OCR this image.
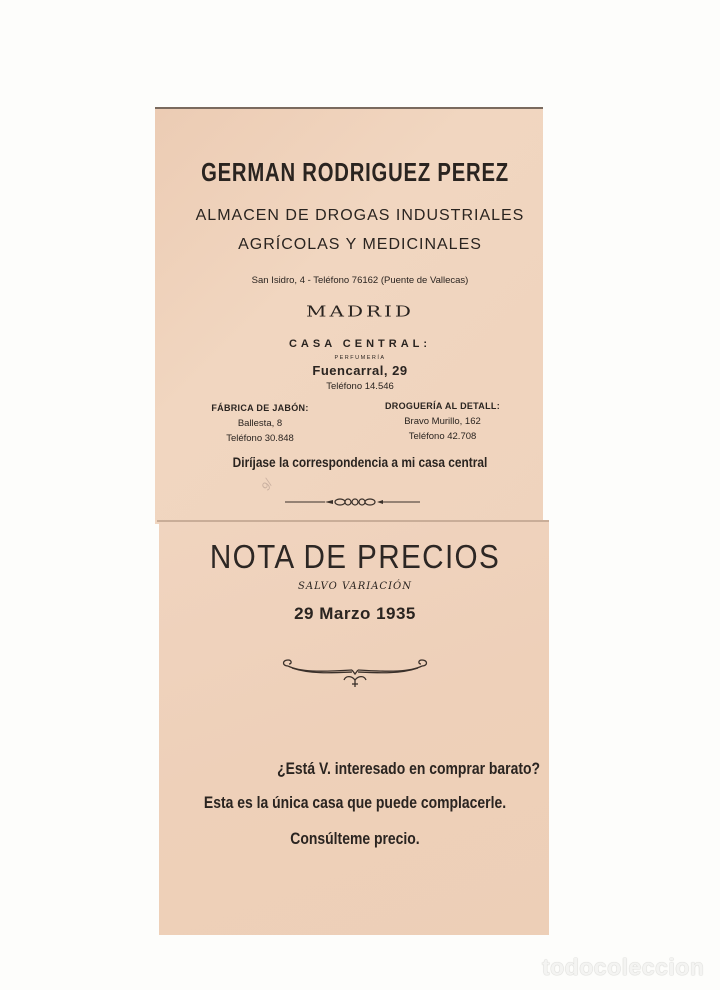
GERMAN RODRIGUEZ PEREZ
ALMACEN DE DROGAS INDUSTRIALES
AGRÍCOLAS Y MEDICINALES
San Isidro, 4 - Teléfono 76162 (Puente de Vallecas)
MADRID
CASA CENTRAL:
PERFUMERÍA
Fuencarral, 29
Teléfono 14.546
FÁBRICA DE JABÓN:
Ballesta, 8
Teléfono 30.848
DROGUERÍA AL DETALL:
Bravo Murillo, 162
Teléfono 42.708
Diríjase la correspondencia a mi casa central
9/
NOTA DE PRECIOS
SALVO VARIACIÓN
29 Marzo 1935
¿Está V. interesado en comprar barato?
Esta es la única casa que puede complacerle.
Consúlteme precio.
todocoleccion
